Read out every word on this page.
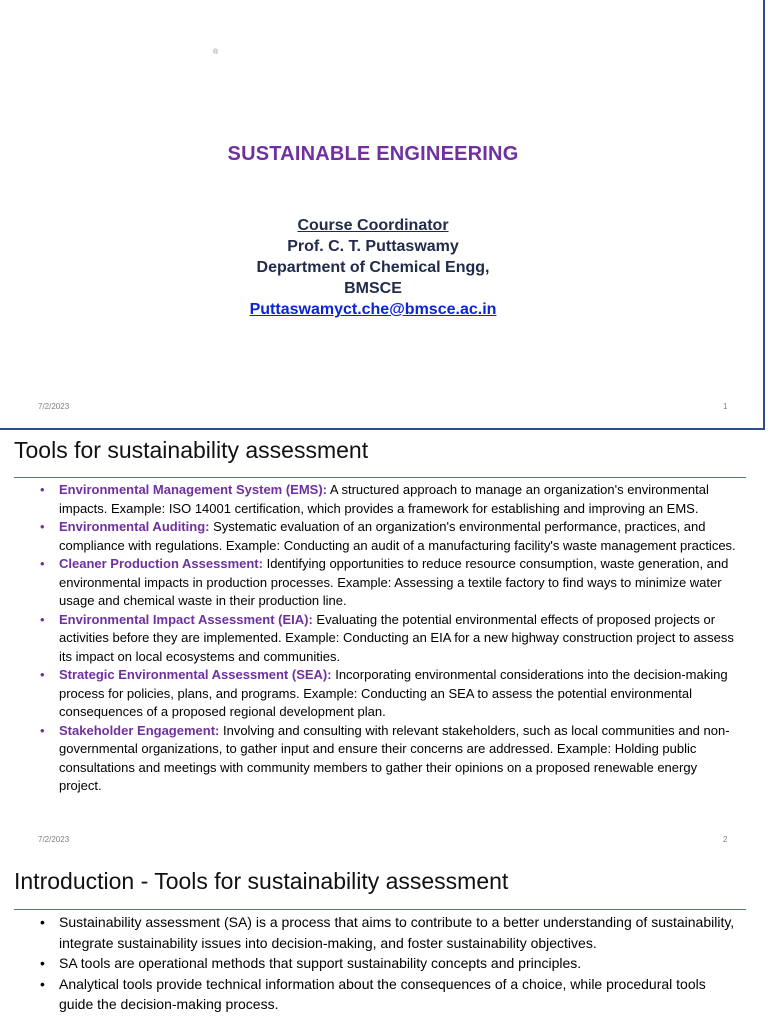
®
SUSTAINABLE ENGINEERING
Course Coordinator
Prof. C. T. Puttaswamy
Department of Chemical Engg,
BMSCE
Puttaswamyct.che@bmsce.ac.in
7/2/2023	1
Tools for sustainability assessment
• Environmental Management System (EMS): A structured approach to manage an organization's environmental impacts. Example: ISO 14001 certification, which provides a framework for establishing and improving an EMS.
• Environmental Auditing: Systematic evaluation of an organization's environmental performance, practices, and compliance with regulations. Example: Conducting an audit of a manufacturing facility's waste management practices.
• Cleaner Production Assessment: Identifying opportunities to reduce resource consumption, waste generation, and environmental impacts in production processes. Example: Assessing a textile factory to find ways to minimize water usage and chemical waste in their production line.
• Environmental Impact Assessment (EIA): Evaluating the potential environmental effects of proposed projects or activities before they are implemented. Example: Conducting an EIA for a new highway construction project to assess its impact on local ecosystems and communities.
• Strategic Environmental Assessment (SEA): Incorporating environmental considerations into the decision-making process for policies, plans, and programs. Example: Conducting an SEA to assess the potential environmental consequences of a proposed regional development plan.
• Stakeholder Engagement: Involving and consulting with relevant stakeholders, such as local communities and non-governmental organizations, to gather input and ensure their concerns are addressed. Example: Holding public consultations and meetings with community members to gather their opinions on a proposed renewable energy project.
7/2/2023	2
Introduction - Tools for sustainability assessment
• Sustainability assessment (SA) is a process that aims to contribute to a better understanding of sustainability, integrate sustainability issues into decision-making, and foster sustainability objectives.
• SA tools are operational methods that support sustainability concepts and principles.
• Analytical tools provide technical information about the consequences of a choice, while procedural tools guide the decision-making process.
